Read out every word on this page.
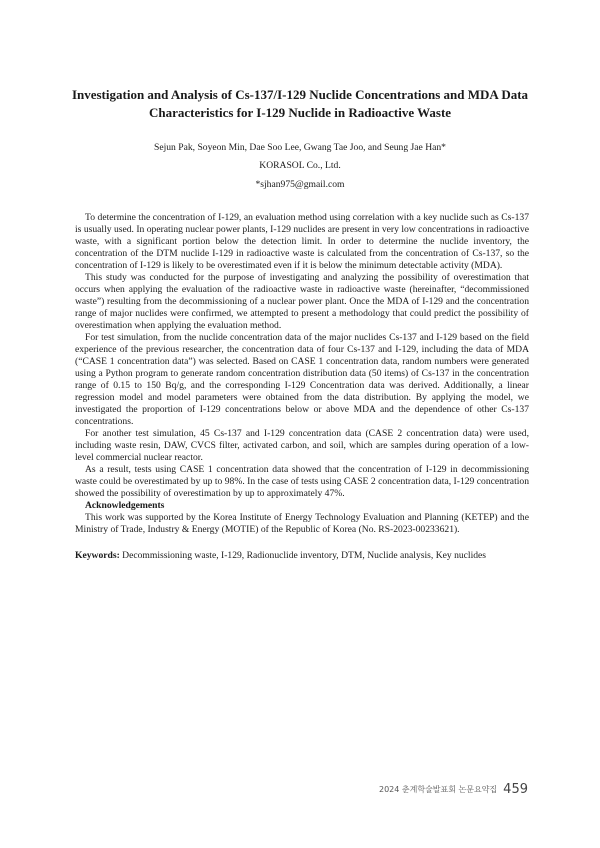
Investigation and Analysis of Cs-137/I-129 Nuclide Concentrations and MDA Data Characteristics for I-129 Nuclide in Radioactive Waste

Sejun Pak, Soyeon Min, Dae Soo Lee, Gwang Tae Joo, and Seung Jae Han*

KORASOL Co., Ltd.

*sjhan975@gmail.com

To determine the concentration of I-129, an evaluation method using correlation with a key nuclide such as Cs-137 is usually used. In operating nuclear power plants, I-129 nuclides are present in very low concentrations in radioactive waste, with a significant portion below the detection limit. In order to determine the nuclide inventory, the concentration of the DTM nuclide I-129 in radioactive waste is calculated from the concentration of Cs-137, so the concentration of I-129 is likely to be overestimated even if it is below the minimum detectable activity (MDA).

This study was conducted for the purpose of investigating and analyzing the possibility of overestimation that occurs when applying the evaluation of the radioactive waste in radioactive waste (hereinafter, “decommissioned waste”) resulting from the decommissioning of a nuclear power plant. Once the MDA of I-129 and the concentration range of major nuclides were confirmed, we attempted to present a methodology that could predict the possibility of overestimation when applying the evaluation method.

For test simulation, from the nuclide concentration data of the major nuclides Cs-137 and I-129 based on the field experience of the previous researcher, the concentration data of four Cs-137 and I-129, including the data of MDA (“CASE 1 concentration data”) was selected. Based on CASE 1 concentration data, random numbers were generated using a Python program to generate random concentration distribution data (50 items) of Cs-137 in the concentration range of 0.15 to 150 Bq/g, and the corresponding I-129 Concentration data was derived. Additionally, a linear regression model and model parameters were obtained from the data distribution. By applying the model, we investigated the proportion of I-129 concentrations below or above MDA and the dependence of other Cs-137 concentrations.

For another test simulation, 45 Cs-137 and I-129 concentration data (CASE 2 concentration data) were used, including waste resin, DAW, CVCS filter, activated carbon, and soil, which are samples during operation of a low-level commercial nuclear reactor.

As a result, tests using CASE 1 concentration data showed that the concentration of I-129 in decommissioning waste could be overestimated by up to 98%. In the case of tests using CASE 2 concentration data, I-129 concentration showed the possibility of overestimation by up to approximately 47%.

Acknowledgements

This work was supported by the Korea Institute of Energy Technology Evaluation and Planning (KETEP) and the Ministry of Trade, Industry & Energy (MOTIE) of the Republic of Korea (No. RS-2023-00233621).

Keywords: Decommissioning waste, I-129, Radionuclide inventory, DTM, Nuclide analysis, Key nuclides

2024 춘계학술발표회 논문요약집 459
